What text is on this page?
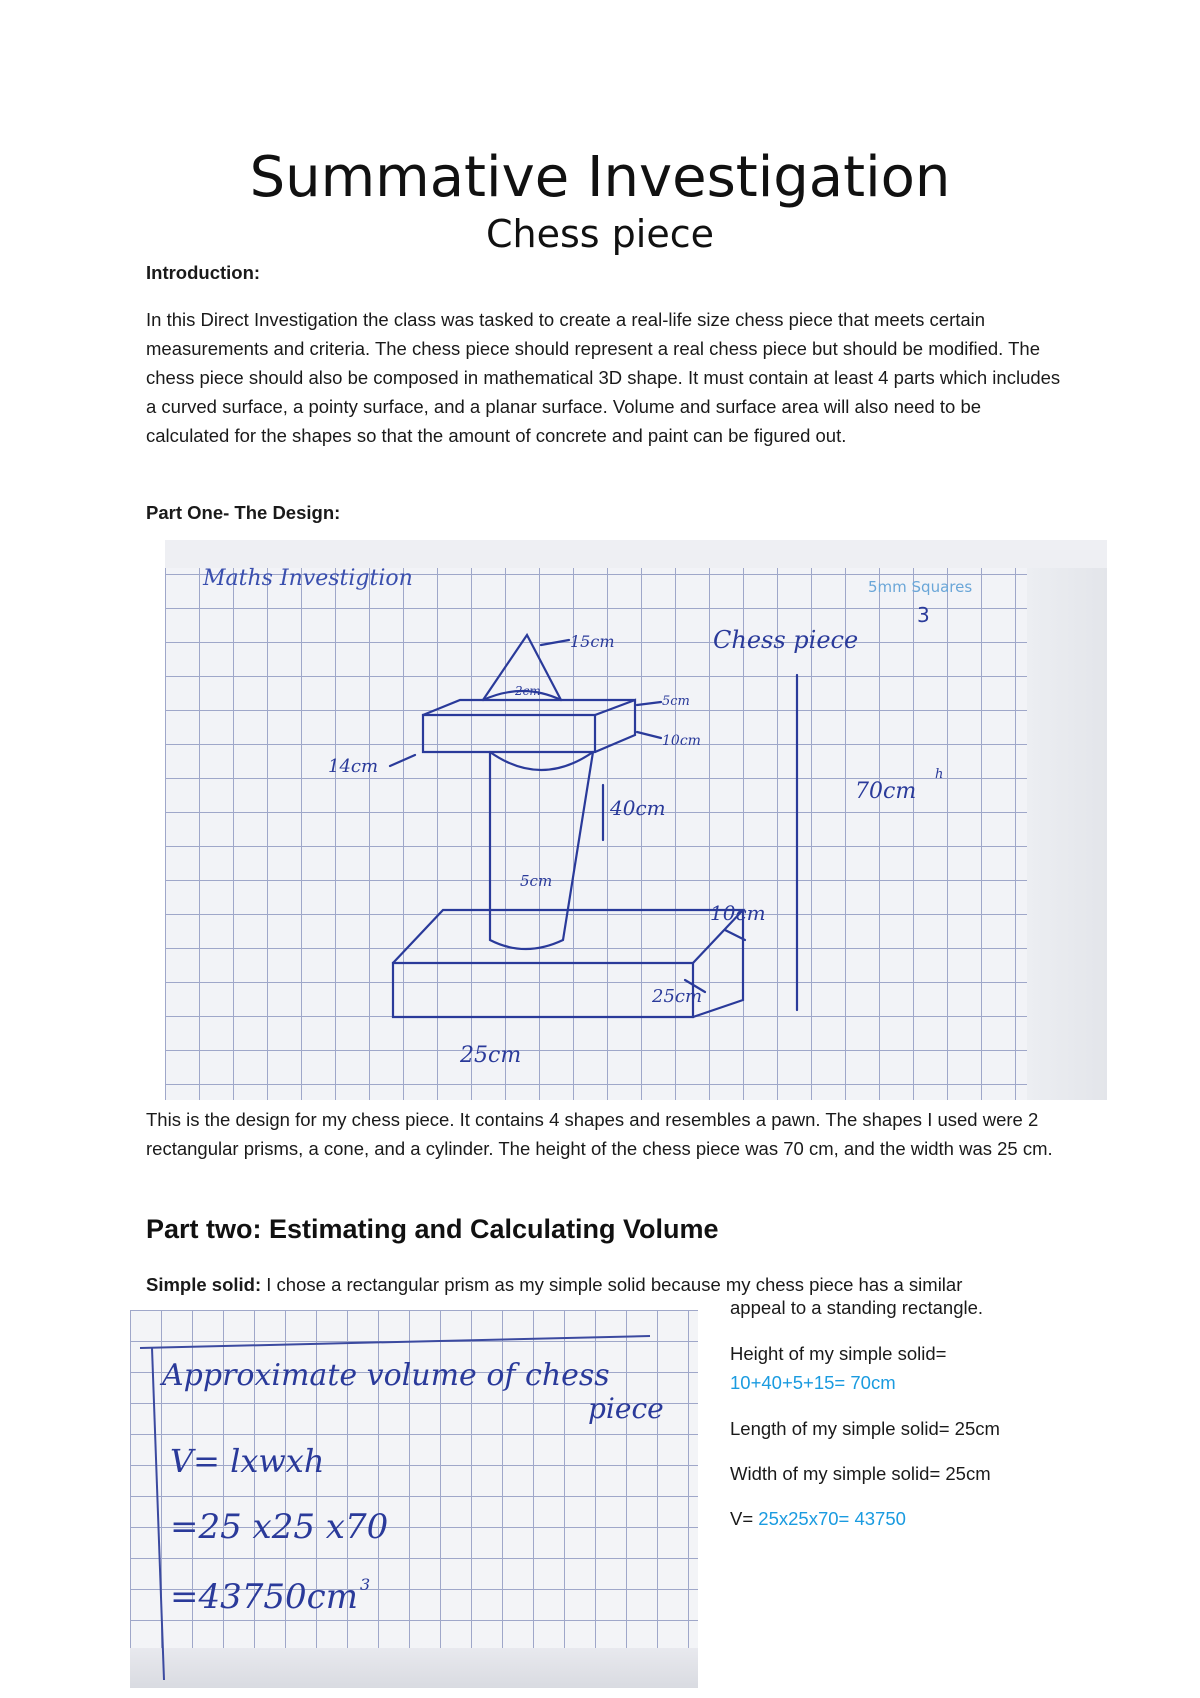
Summative Investigation
Chess piece
Introduction:

In this Direct Investigation the class was tasked to create a real-life size chess piece that meets certain measurements and criteria. The chess piece should represent a real chess piece but should be modified. The chess piece should also be composed in mathematical 3D shape. It must contain at least 4 parts which includes a curved surface, a pointy surface, and a planar surface. Volume and surface area will also need to be calculated for the shapes so that the amount of concrete and paint can be figured out.

Part One- The Design:
Maths Investigtion	5mm Squares
3
Chess piece
15cm
2cm
5cm
10cm
14cm
40cm
5cm
10cm
25cm
25cm
70cm
h

This is the design for my chess piece. It contains 4 shapes and resembles a pawn. The shapes I used were 2 rectangular prisms, a cone, and a cylinder. The height of the chess piece was 70 cm, and the width was 25 cm.

Part two: Estimating and Calculating Volume
Simple solid: I chose a rectangular prism as my simple solid because my chess piece has a similar
Approximate volume of chess
piece
V= lxwxh
=25 x25 x70
=43750cm 3
appeal to a standing rectangle.
Height of my simple solid=
10+40+5+15= 70cm
Length of my simple solid= 25cm
Width of my simple solid= 25cm
V= 25x25x70= 43750
